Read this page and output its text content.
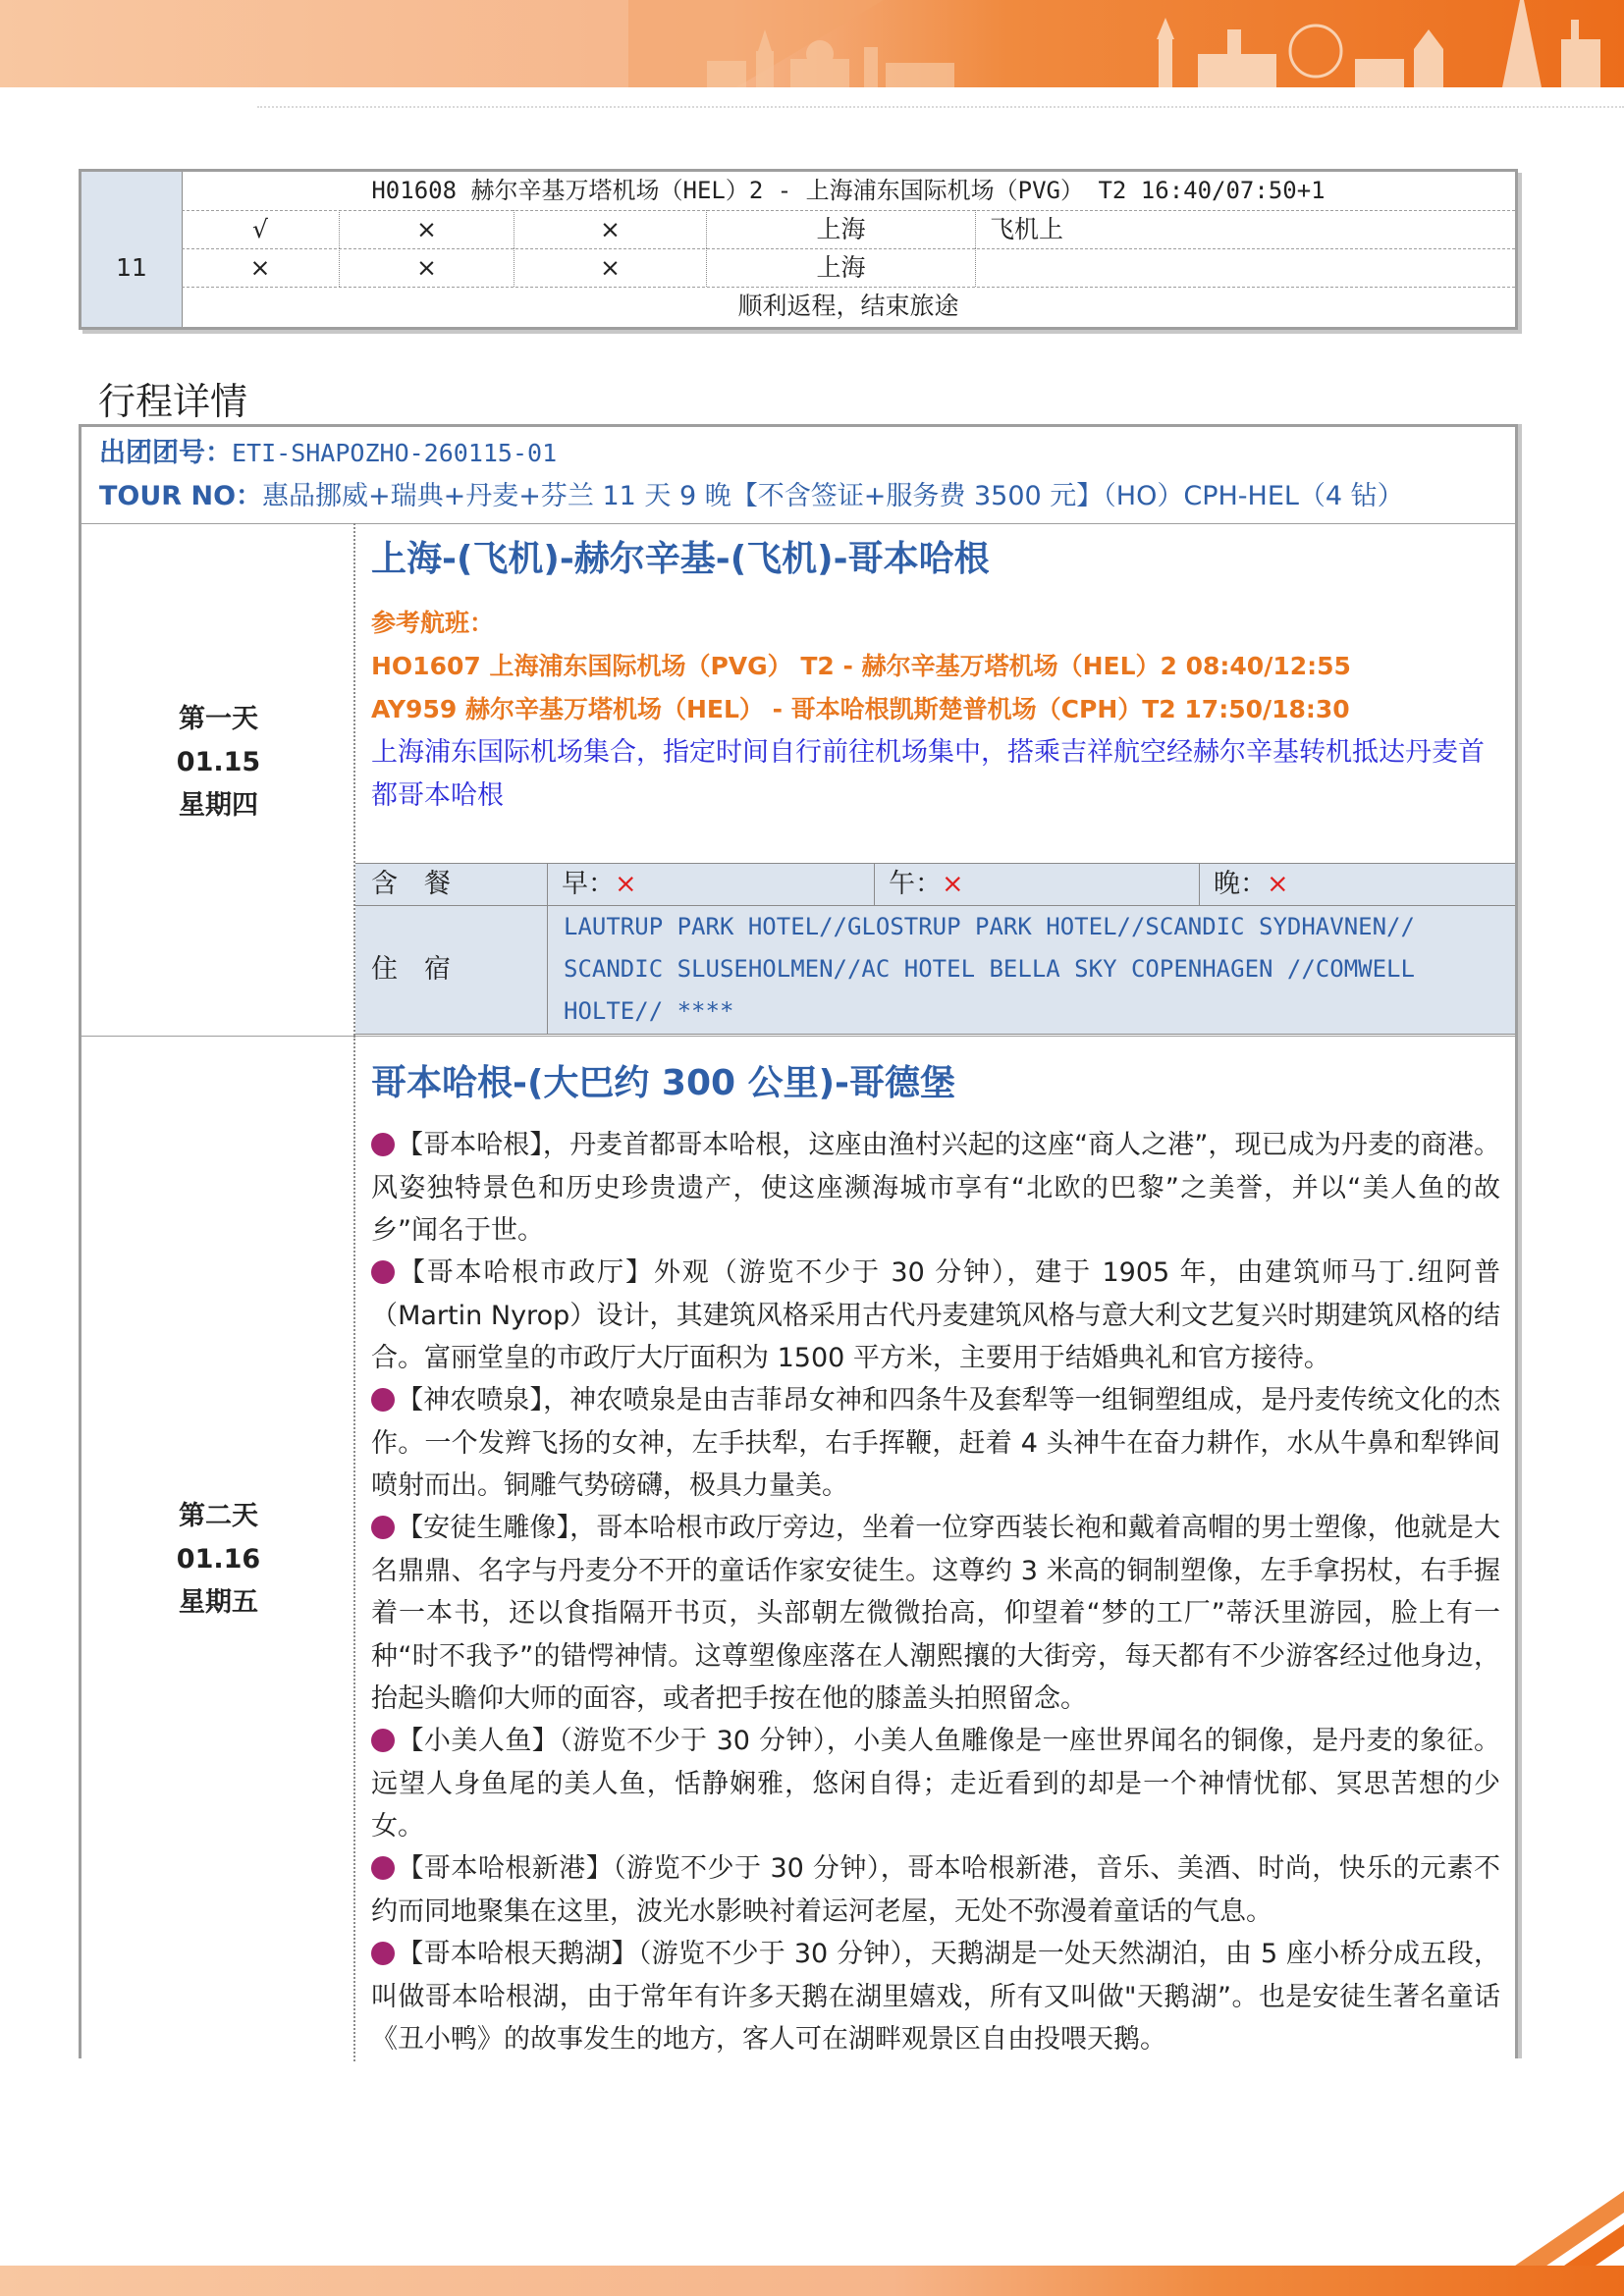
11
H01608 赫尔辛基万塔机场（HEL）2 - 上海浦东国际机场（PVG） T2 16:40/07:50+1
√	×	×	上海	飞机上
×	×	×	上海
顺利返程，结束旅途
行程详情
出团团号：ETI-SHAPOZHO-260115-01
TOUR NO：惠品挪威+瑞典+丹麦+芬兰 11 天 9 晚【不含签证+服务费 3500 元】（HO）CPH-HEL（4 钻）
第一天
01.15
星期四
上海-(飞机)-赫尔辛基-(飞机)-哥本哈根
参考航班：
HO1607 上海浦东国际机场（PVG） T2 - 赫尔辛基万塔机场（HEL）2 08:40/12:55
AY959 赫尔辛基万塔机场（HEL） - 哥本哈根凯斯楚普机场（CPH）T2 17:50/18:30
上海浦东国际机场集合，指定时间自行前往机场集中，搭乘吉祥航空经赫尔辛基转机抵达丹麦首都哥本哈根
含　餐	早：×	午：×	晚：×
住　宿
LAUTRUP PARK HOTEL//GLOSTRUP PARK HOTEL//SCANDIC SYDHAVNEN// SCANDIC SLUSEHOLMEN//AC HOTEL BELLA SKY COPENHAGEN //COMWELL HOLTE// ****
第二天
01.16
星期五
哥本哈根-(大巴约 300 公里)-哥德堡
【哥本哈根】，丹麦首都哥本哈根，这座由渔村兴起的这座“商人之港”，现已成为丹麦的商港。风姿独特景色和历史珍贵遗产，使这座濒海城市享有“北欧的巴黎”之美誉，并以“美人鱼的故乡”闻名于世。
【哥本哈根市政厅】外观（游览不少于 30 分钟），建于 1905 年，由建筑师马丁.纽阿普（Martin Nyrop）设计，其建筑风格采用古代丹麦建筑风格与意大利文艺复兴时期建筑风格的结合。富丽堂皇的市政厅大厅面积为 1500 平方米，主要用于结婚典礼和官方接待。
【神农喷泉】，神农喷泉是由吉菲昂女神和四条牛及套犁等一组铜塑组成，是丹麦传统文化的杰作。一个发辫飞扬的女神，左手扶犁，右手挥鞭，赶着 4 头神牛在奋力耕作，水从牛鼻和犁铧间喷射而出。铜雕气势磅礴，极具力量美。
【安徒生雕像】，哥本哈根市政厅旁边，坐着一位穿西装长袍和戴着高帽的男士塑像，他就是大名鼎鼎、名字与丹麦分不开的童话作家安徒生。这尊约 3 米高的铜制塑像，左手拿拐杖，右手握着一本书，还以食指隔开书页，头部朝左微微抬高，仰望着“梦的工厂”蒂沃里游园，脸上有一种“时不我予”的错愕神情。这尊塑像座落在人潮熙攘的大街旁，每天都有不少游客经过他身边，抬起头瞻仰大师的面容，或者把手按在他的膝盖头拍照留念。
【小美人鱼】（游览不少于 30 分钟），小美人鱼雕像是一座世界闻名的铜像，是丹麦的象征。远望人身鱼尾的美人鱼，恬静娴雅，悠闲自得；走近看到的却是一个神情忧郁、冥思苦想的少女。
【哥本哈根新港】（游览不少于 30 分钟），哥本哈根新港，音乐、美酒、时尚，快乐的元素不约而同地聚集在这里，波光水影映衬着运河老屋，无处不弥漫着童话的气息。
【哥本哈根天鹅湖】（游览不少于 30 分钟），天鹅湖是一处天然湖泊，由 5 座小桥分成五段，叫做哥本哈根湖，由于常年有许多天鹅在湖里嬉戏，所有又叫做"天鹅湖”。也是安徒生著名童话《丑小鸭》的故事发生的地方，客人可在湖畔观景区自由投喂天鹅。
